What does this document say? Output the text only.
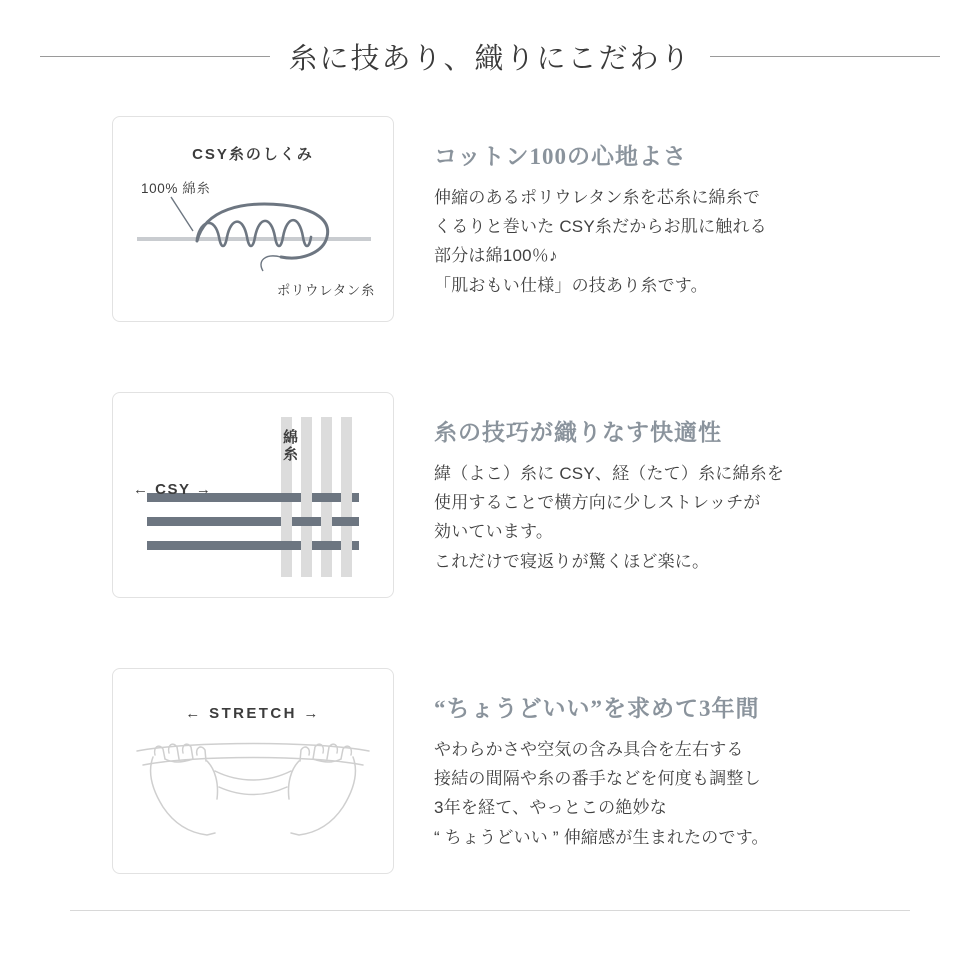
糸に技あり、織りにこだわり
CSY糸のしくみ
100% 綿糸
ポリウレタン糸
コットン100の心地よさ
伸縮のあるポリウレタン糸を芯糸に綿糸で
くるりと巻いた CSY糸だからお肌に触れる
部分は綿100％♪
「肌おもい仕様」の技あり糸です。
← CSY →
綿糸	糸の技巧が織りなす快適性
緯（よこ）糸に CSY、経（たて）糸に綿糸を
使用することで横方向に少しストレッチが
効いています。
これだけで寝返りが驚くほど楽に。
← STRETCH →	“ちょうどいい”を求めて3年間
やわらかさや空気の含み具合を左右する
接結の間隔や糸の番手などを何度も調整し
3年を経て、やっとこの絶妙な
“ ちょうどいい ” 伸縮感が生まれたのです。
